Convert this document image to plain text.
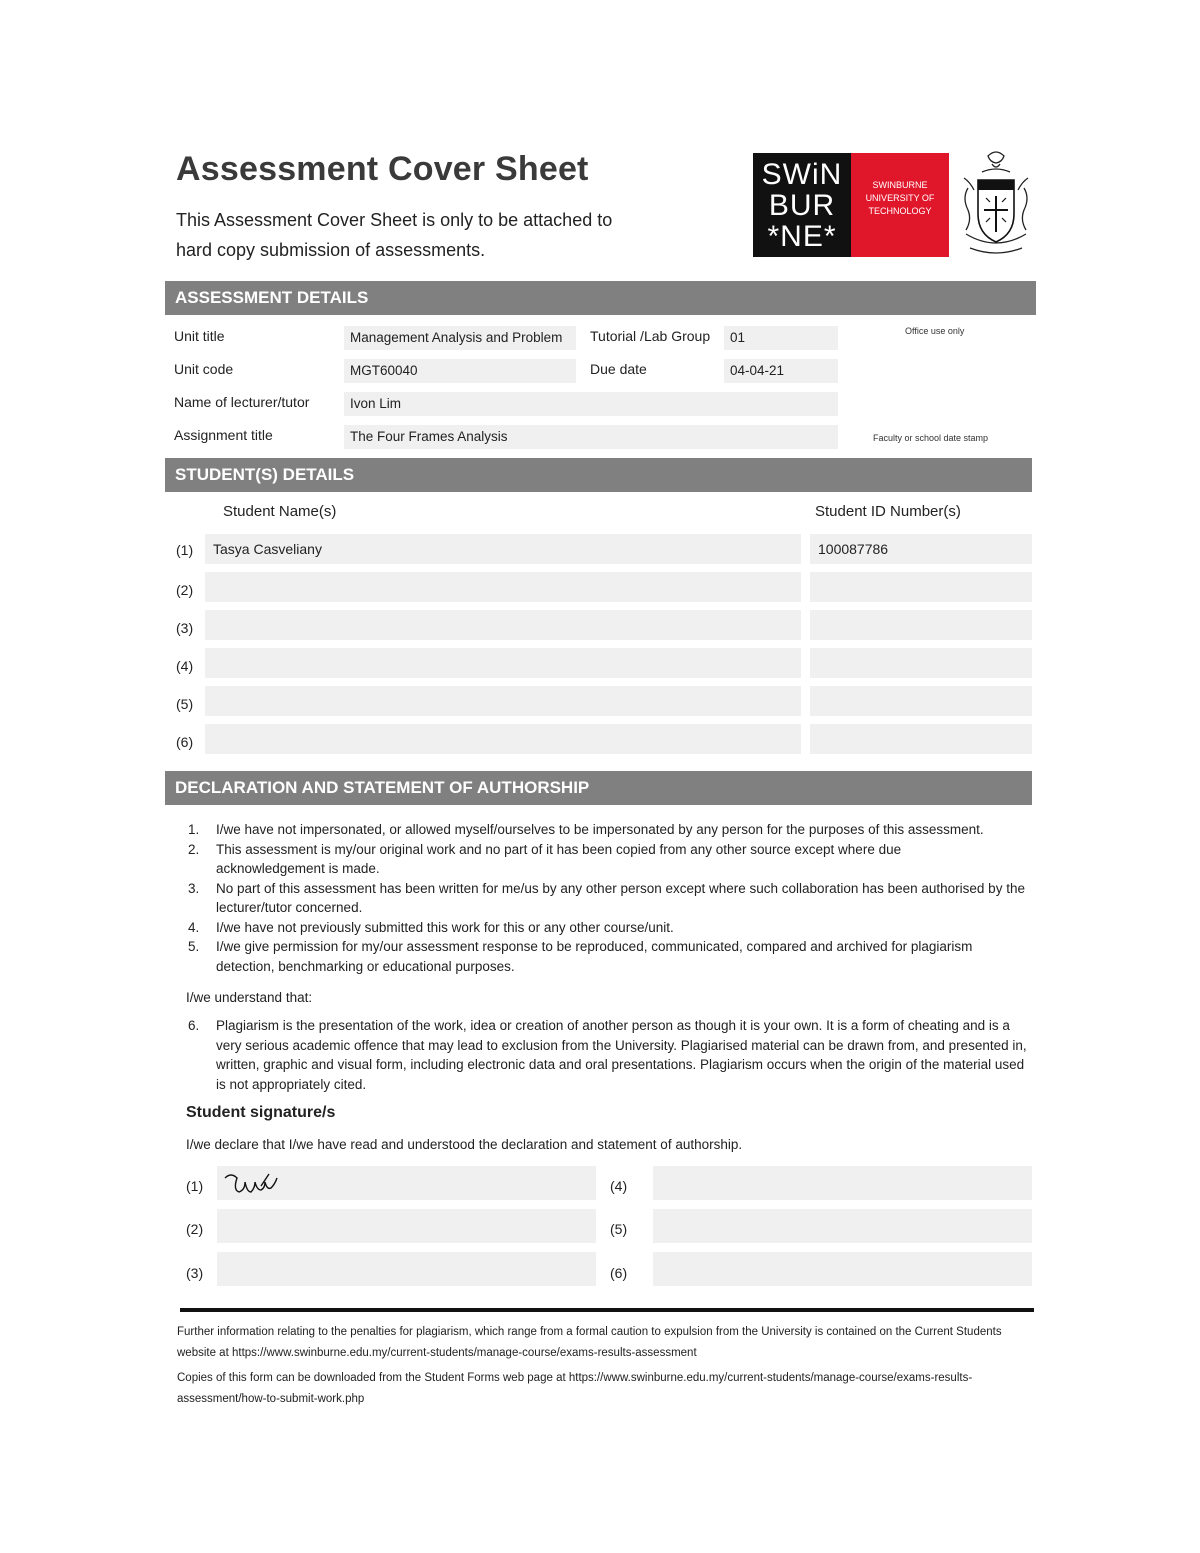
Assessment Cover Sheet
This Assessment Cover Sheet is only to be attached to hard copy submission of assessments.
SWiN
BUR
*NE*
SWINBURNE
UNIVERSITY OF
TECHNOLOGY
ASSESSMENT DETAILS
Unit title	Management Analysis and Problem	Tutorial /Lab Group	01	Office use only
Unit code	MGT60040	Due date	04-04-21
Name of lecturer/tutor	Ivon Lim
Assignment title	The Four Frames Analysis	Faculty or school date stamp
STUDENT(S) DETAILS
Student Name(s)	Student ID Number(s)
(1)	Tasya Casveliany	100087786
(2)
(3)
(4)
(5)
(6)
DECLARATION AND STATEMENT OF AUTHORSHIP
1.	I/we have not impersonated, or allowed myself/ourselves to be impersonated by any person for the purposes of this assessment.
2.	This assessment is my/our original work and no part of it has been copied from any other source except where due acknowledgement is made.
3.	No part of this assessment has been written for me/us by any other person except where such collaboration has been authorised by the lecturer/tutor concerned.
4.	I/we have not previously submitted this work for this or any other course/unit.
5.	I/we give permission for my/our assessment response to be reproduced, communicated, compared and archived for plagiarism detection, benchmarking or educational purposes.
I/we understand that:
6.	Plagiarism is the presentation of the work, idea or creation of another person as though it is your own. It is a form of cheating and is a very serious academic offence that may lead to exclusion from the University. Plagiarised material can be drawn from, and presented in, written, graphic and visual form, including electronic data and oral presentations. Plagiarism occurs when the origin of the material used is not appropriately cited.
Student signature/s
I/we declare that I/we have read and understood the declaration and statement of authorship.
(1)	(4)
(2)	(5)
(3)	(6)
Further information relating to the penalties for plagiarism, which range from a formal caution to expulsion from the University is contained on the Current Students website at https://www.swinburne.edu.my/current-students/manage-course/exams-results-assessment
Copies of this form can be downloaded from the Student Forms web page at https://www.swinburne.edu.my/current-students/manage-course/exams-results-assessment/how-to-submit-work.php
